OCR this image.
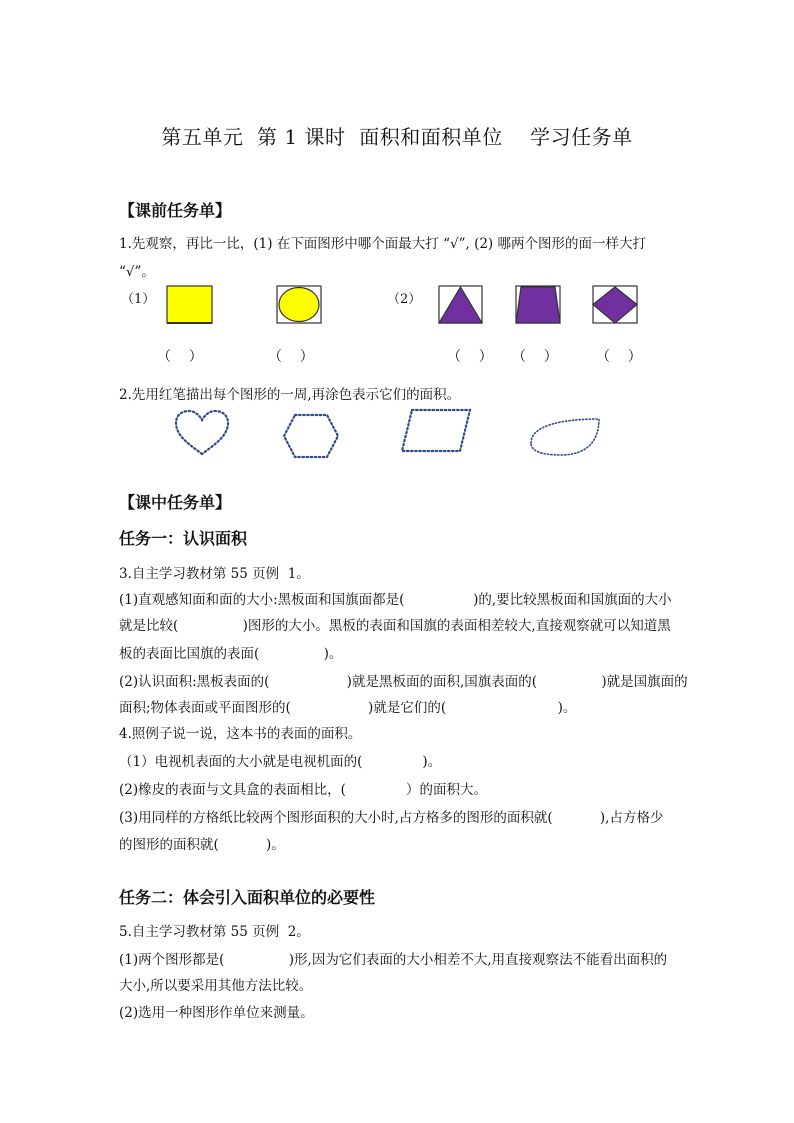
第五单元  第 1 课时  面积和面积单位    学习任务单
【课前任务单】
1.先观察，再比一比，(1) 在下面图形中哪个面最大打 “√”, (2) 哪两个图形的面一样大打
“√”。
（1）	（2）
（    ）	（    ）	（    ） （    ）	（    ）
2.先用红笔描出每个图形的一周,再涂色表示它们的面积。
【课中任务单】
任务一：认识面积
3.自主学习教材第 55 页例  1。
(1)直观感知面和面的大小:黑板面和国旗面都是(                )的,要比较黑板面和国旗面的大小
就是比较(               )图形的大小。黑板的表面和国旗的表面相差较大,直接观察就可以知道黑
板的表面比国旗的表面(               )。
(2)认识面积:黑板表面的(                  )就是黑板面的面积,国旗表面的(               )就是国旗面的
面积;物体表面或平面图形的(                  )就是它们的(                          )。
4.照例子说一说，这本书的表面的面积。
（1）电视机表面的大小就是电视机面的(              )。
(2)橡皮的表面与文具盒的表面相比，(              ）的面积大。
(3)用同样的方格纸比较两个图形面积的大小时,占方格多的图形的面积就(           ),占方格少
的图形的面积就(           )。
任务二：体会引入面积单位的必要性
5.自主学习教材第 55 页例  2。
(1)两个图形都是(               )形,因为它们表面的大小相差不大,用直接观察法不能看出面积的
大小,所以要采用其他方法比较。
(2)选用一种图形作单位来测量。
